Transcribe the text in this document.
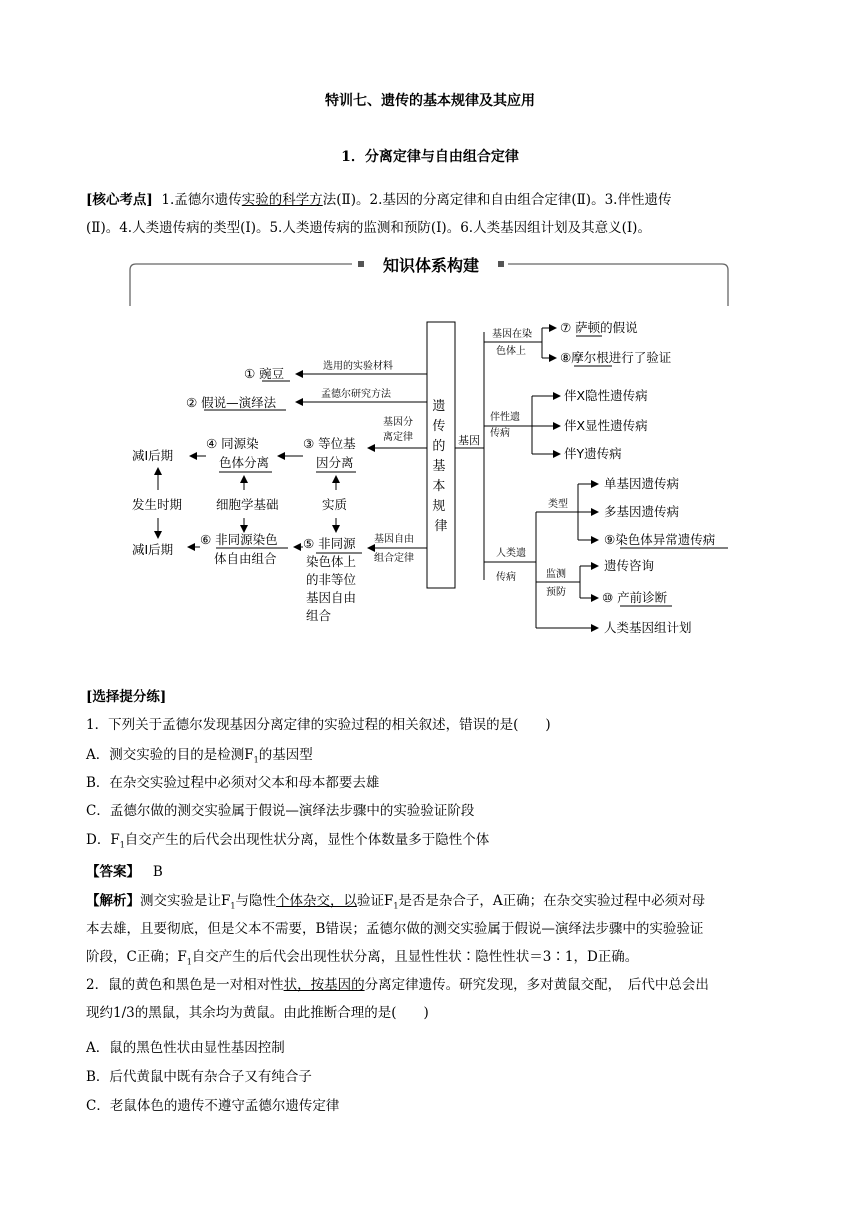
特训七、遗传的基本规律及其应用
1．分离定律与自由组合定律
[核心考点] 1.孟德尔遗传实验的科学方法(Ⅱ)。2.基因的分离定律和自由组合定律(Ⅱ)。3.伴性遗传
(Ⅱ)。4.人类遗传病的类型(Ⅰ)。5.人类遗传病的监测和预防(Ⅰ)。6.人类基因组计划及其意义(Ⅰ)。
知识体系构建
遗 传 的 基 本 规 律
选用的实验材料
① 豌豆
孟德尔研究方法
② 假说—演绎法
基因分离定律
③ 等位基因分离
④ 同源染色体分离
减Ⅰ后期
发生时期
减Ⅰ后期
细胞学基础	实质
基因自由组合定律
⑤ 非同源 染色体上 的非等位 基因自由 组合
⑥ 非同源染色体自由组合
基因
基因在染色体上
⑦ 萨顿的假说
⑧摩尔根进行了验证
伴性遗传病
伴X隐性遗传病
伴X显性遗传病
伴Y遗传病
人类遗传病
类型
单基因遗传病
多基因遗传病
⑨染色体异常遗传病
监测预防
遗传咨询
⑩ 产前诊断
人类基因组计划
[选择提分练]
1．下列关于孟德尔发现基因分离定律的实验过程的相关叙述，错误的是(　　)
A．测交实验的目的是检测$F_1$的基因型
B．在杂交实验过程中必须对父本和母本都要去雄
C．孟德尔做的测交实验属于假说—演绎法步骤中的实验验证阶段
D．$F_1$自交产生的后代会出现性状分离，显性个体数量多于隐性个体
【答案】 B
【解析】测交实验是让$F_1$与隐性个体杂交，以验证$F_1$是否是杂合子，A正确；在杂交实验过程中必须对母
本去雄，且要彻底，但是父本不需要，B错误；孟德尔做的测交实验属于假说—演绎法步骤中的实验验证
阶段，C正确；$F_1$自交产生的后代会出现性状分离，且显性性状∶隐性性状＝3∶1，D正确。
2．鼠的黄色和黑色是一对相对性状，按基因的分离定律遗传。研究发现，多对黄鼠交配，　后代中总会出
现约1/3的黑鼠，其余均为黄鼠。由此推断合理的是(　　)
A．鼠的黑色性状由显性基因控制
B．后代黄鼠中既有杂合子又有纯合子
C．老鼠体色的遗传不遵守孟德尔遗传定律
